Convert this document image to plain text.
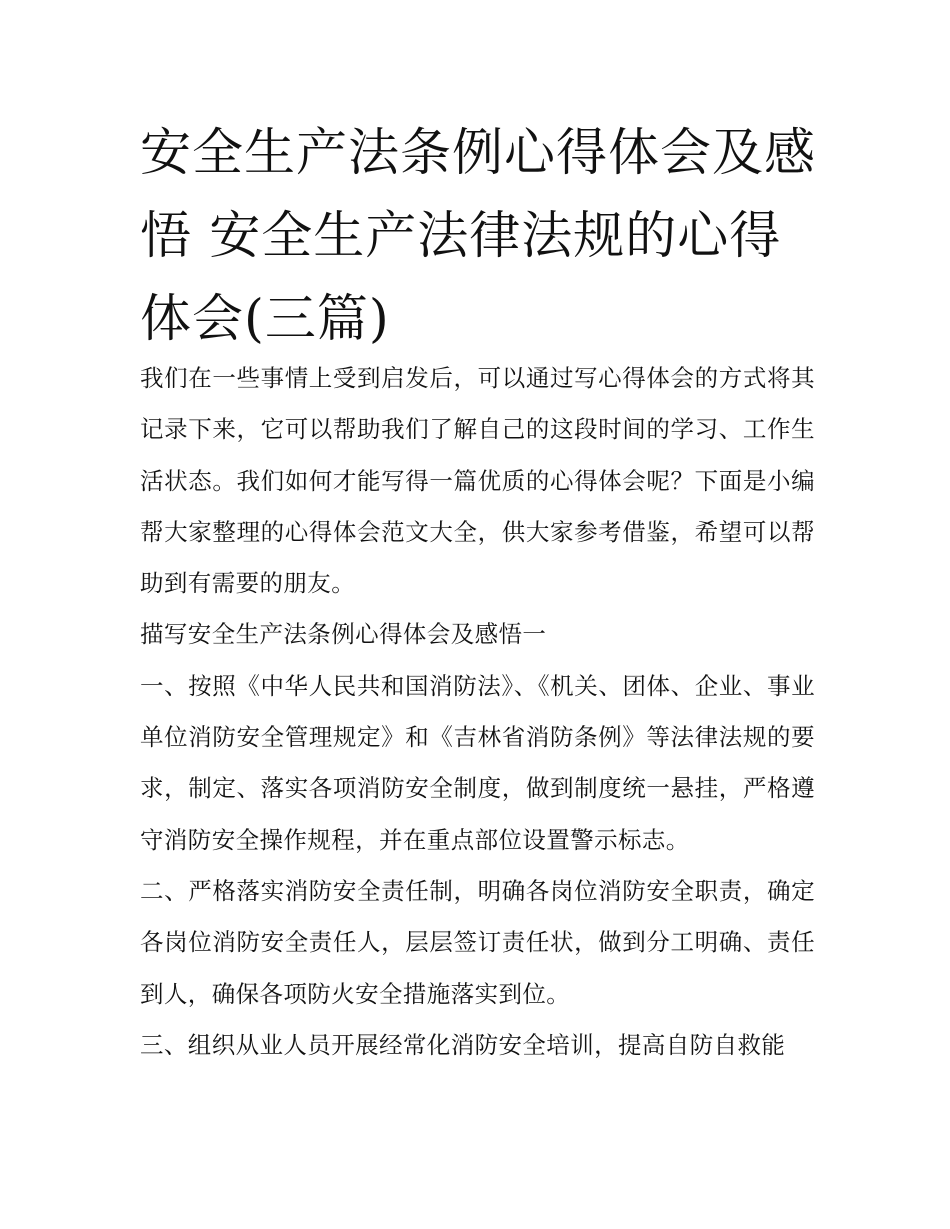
安全生产法条例心得体会及感悟 安全生产法律法规的心得体会(三篇)

我们在一些事情上受到启发后，可以通过写心得体会的方式将其记录下来，它可以帮助我们了解自己的这段时间的学习、工作生活状态。我们如何才能写得一篇优质的心得体会呢？下面是小编帮大家整理的心得体会范文大全，供大家参考借鉴，希望可以帮助到有需要的朋友。

描写安全生产法条例心得体会及感悟一

一、按照《中华人民共和国消防法》、《机关、团体、企业、事业单位消防安全管理规定》和《吉林省消防条例》等法律法规的要求，制定、落实各项消防安全制度，做到制度统一悬挂，严格遵守消防安全操作规程，并在重点部位设置警示标志。

二、严格落实消防安全责任制，明确各岗位消防安全职责，确定各岗位消防安全责任人，层层签订责任状，做到分工明确、责任到人，确保各项防火安全措施落实到位。

三、组织从业人员开展经常化消防安全培训，提高自防自救能
